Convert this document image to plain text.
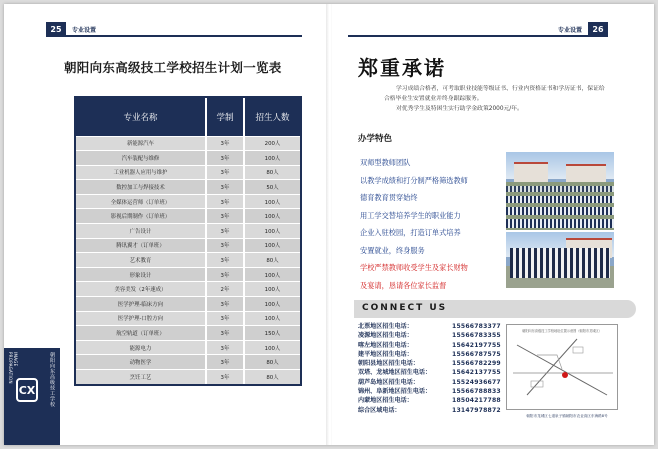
25	专业设置
朝阳向东高级技工学校招生计划一览表
专业名称	学制	招生人数
新能源汽车	3年	200人
汽车装配与维修	3年	100人
工业机器人应用与维护	3年	80人
数控加工与焊接技术	3年	50人
全媒体运营师（订单班）	3年	100人
影视后期制作（订单班）	3年	100人
广告设计	3年	100人
腾讯翼才（订单班）	3年	100人
艺术教育	3年	80人
形象设计	3年	100人
美容美发（2年速成）	2年	100人
医学护理-临床方向	3年	100人
医学护理-口腔方向	3年	100人
航空轨道（订单班）	3年	150人
能源电力	3年	100人
动物医学	3年	80人
烹饪工艺	3年	80人
IMAGE PROPAGATION
CX	朝阳向东高级技工学校
专业设置	26
郑重承诺

学习成绩合格者，可考取职业技能等级证书、行业内资格证书和学历证书，保证给合格毕业生安置就业并终身跟踪服务。

对优秀学生及特困生实行助学金政策2000元/年。

办学特色
双师型教师团队
以教学成绩和打分制严格筛选教师
德育教育贯穿始终
用工学交替培养学生的职业能力
企业入驻校园，打造订单式培养
安置就业，终身服务
学校严禁教师收受学生及家长财物
及宴请，恳请各位家长监督
CONNECT US
北票地区招生电话：	15566783377
凌源地区招生电话：	15566783355
喀左地区招生电话：	15642197755
建平地区招生电话：	15566787575
朝阳县地区招生电话：	15566782299
双塔、龙城地区招生电话：	15642137755
葫芦岛地区招生电话：	15524936677
锦州、阜新地区招生电话：	15566788833
内蒙地区招生电话：	18504217788
综合区域电话：	13147978872
朝阳向东高级技工学校地址位置示意图（朝阳市龙城区）
朝阳市龙城区七道泉子镇朝阳市农业高区东海路8号
